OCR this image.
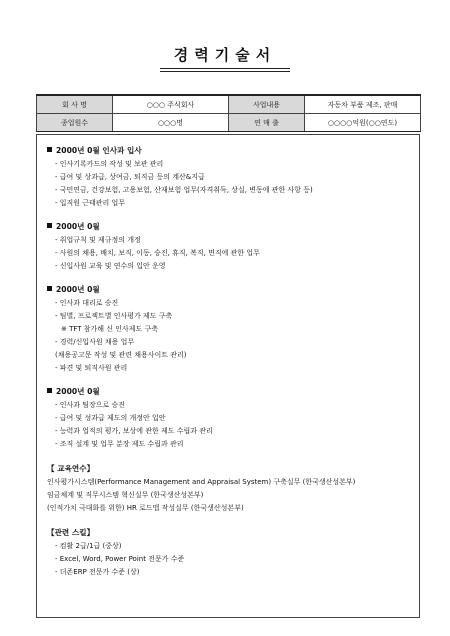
경력기술서
회 사 명	○○○ 주식회사	사업내용	자동차 부품 제조, 판매
종업원수	○○○명	연 매 출	○○○○억원(○○연도)
2000년 0월 인사과 입사
- 인사기록카드의 작성 및 보관 관리
- 급여 및 상과급, 상여금, 퇴직금 등의 계산&지급
- 국민연금, 건강보험, 고용보험, 산재보험 업무(자격취득, 상실, 변동에 관한 사항 등)
- 입직원 근태관리 업무
2000년 0월
- 취업규칙 및 제규정의 개정
- 사원의 채용, 배치, 보직, 이동, 승진, 휴직, 복직, 면직에 관한 업무
- 신입사원 교육 및 연수의 입안 운영
2000년 0월
- 인사과 대리로 승진
- 팀별, 프로젝트별 인사평가 제도 구축
※ TFT 참가해 신 인사제도 구축
- 경력/신입사원 채용 업무
(채용공고문 작성 및 관련 채용사이트 관리)
- 파견 및 퇴직사원 관리
2000년 0월
- 인사과 팀장으로 승진
- 급여 및 성과급 제도의 개정안 입안
- 능력과 업적의 평가, 보상에 관한 제도 수립과 관리
- 조직 설계 및 업무 분장 제도 수립과 관리
【 교육연수】
인사평가시스템(Performance Management and Appraisal System) 구축실무 (한국생산성본부)
임금체계 및 직무시스템 혁신실무 (한국생산성본부)
(인적가치 극대화를 위한) HR 로드맵 작성실무 (한국생산성본부)
【관련 스킬】
- 컴활 2급/1급 (중상)
- Excel, Word, Power Point 전문가 수준
- 더존ERP 전문가 수준 (상)
